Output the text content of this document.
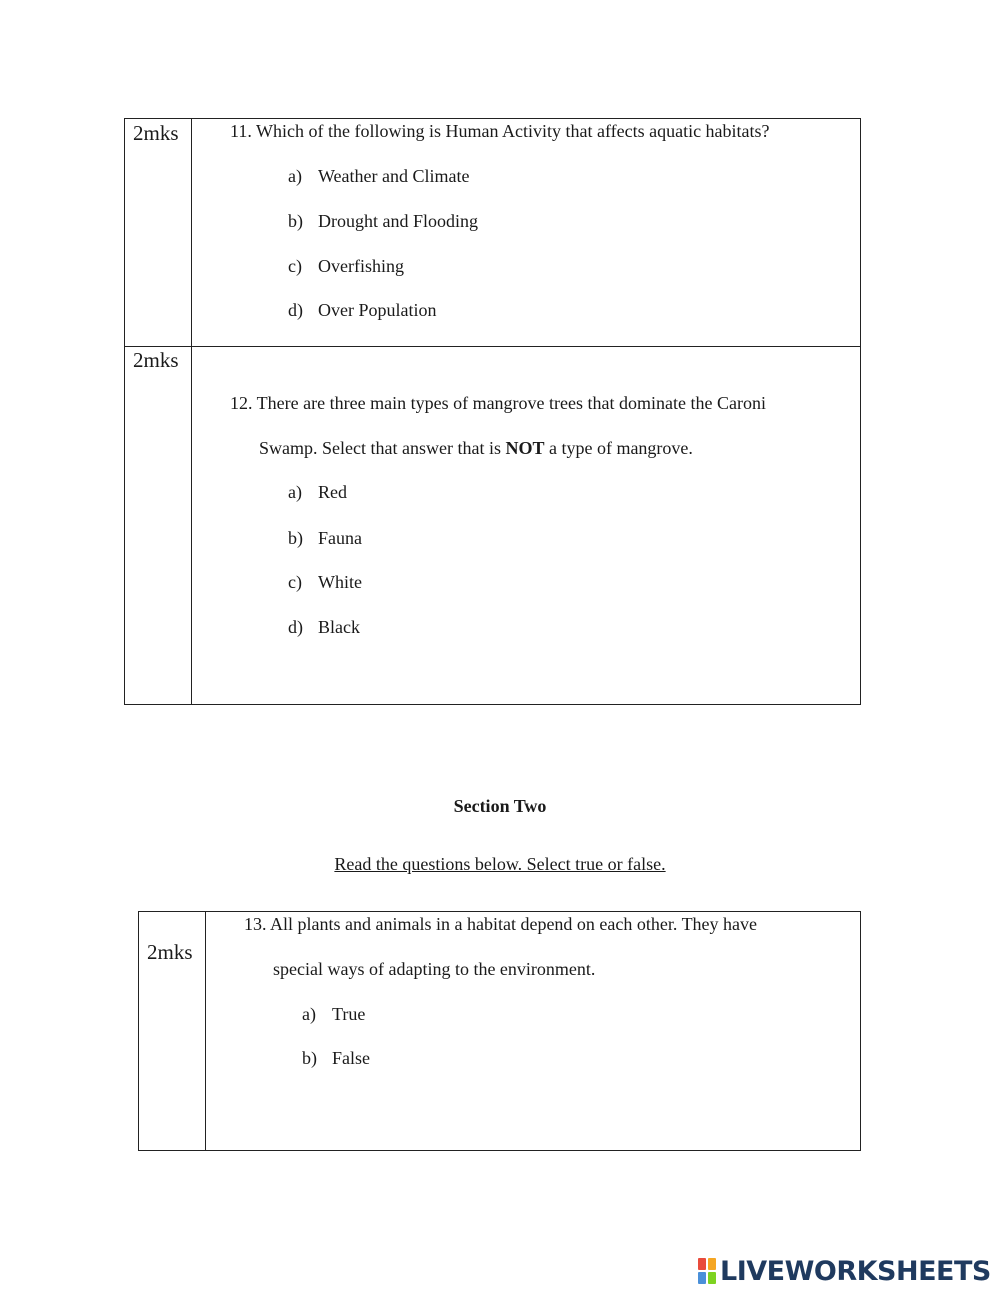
2mks	11. Which of the following is Human Activity that affects aquatic habitats?
a) Weather and Climate
b) Drought and Flooding
c) Overfishing
d) Over Population
2mks
12. There are three main types of mangrove trees that dominate the Caroni
Swamp. Select that answer that is NOT a type of mangrove.
a) Red
b) Fauna
c) White
d) Black
Section Two
Read the questions below. Select true or false.
2mks
13. All plants and animals in a habitat depend on each other. They have
special ways of adapting to the environment.
a) True
b) False
LIVEWORKSHEETS
